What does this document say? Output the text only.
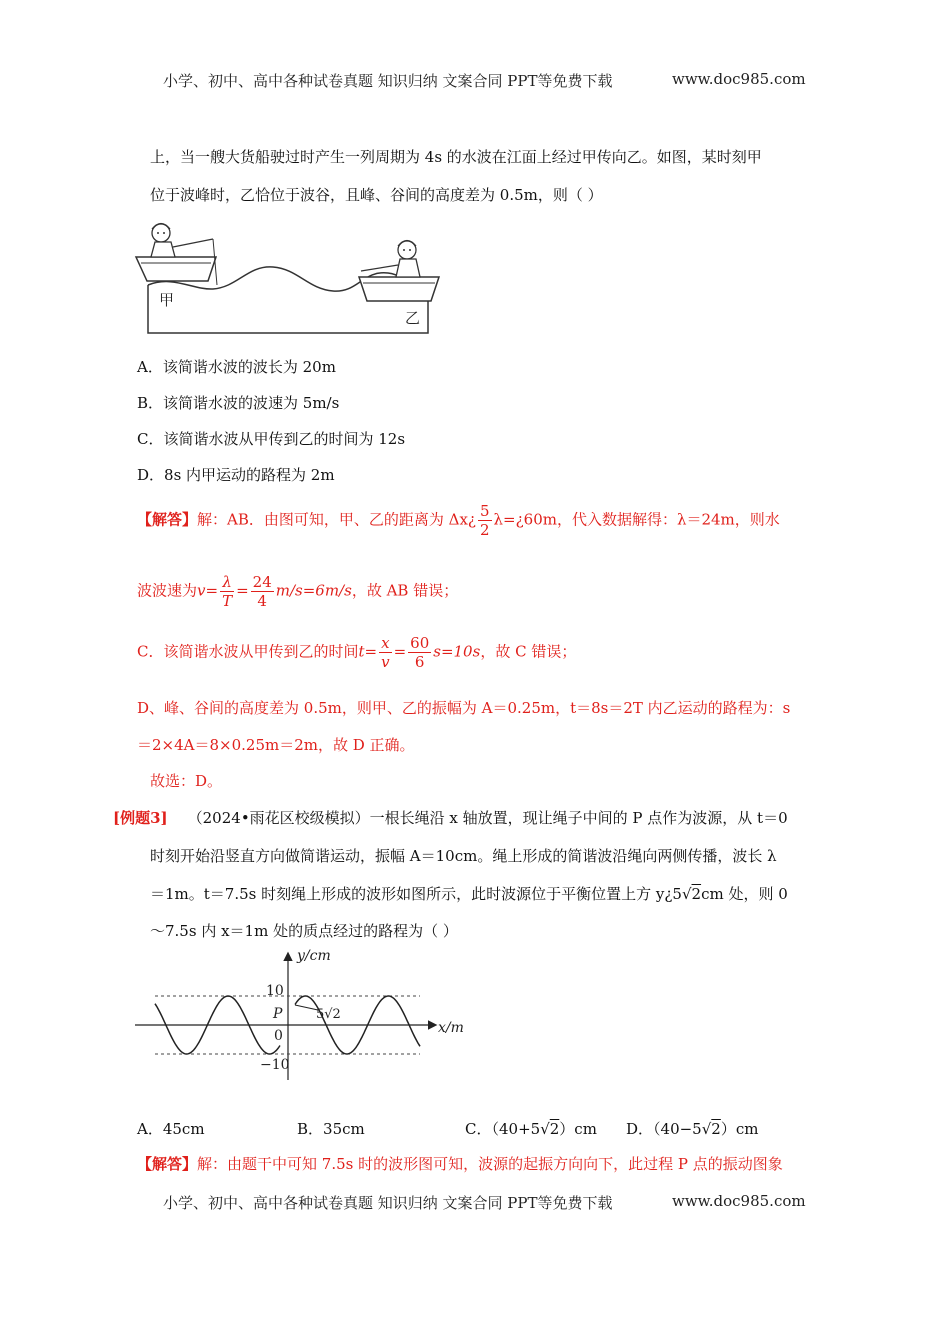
小学、初中、高中各种试卷真题 知识归纳 文案合同 PPT等免费下载	www.doc985.com
上，当一艘大货船驶过时产生一列周期为 4s 的水波在江面上经过甲传向乙。如图，某时刻甲
位于波峰时，乙恰位于波谷，且峰、谷间的高度差为 0.5m，则（ ）
甲
乙
A．该简谐水波的波长为 20m
B．该简谐水波的波速为 5m/s
C．该简谐水波从甲传到乙的时间为 12s
D．8s 内甲运动的路程为 2m
【解答】解：AB．由图可知，甲、乙的距离为 Δx¿ $\frac{5}{2}$ λ=¿60m，代入数据解得：λ＝24m，则水
波波速为$v= \frac{\lambda}{T} = \frac{24}{4} m/s=6m/s$，故 AB 错误；
C．该简谐水波从甲传到乙的时间$t= \frac{x}{v} = \frac{60}{6} s=10s$，故 C 错误；
D、峰、谷间的高度差为 0.5m，则甲、乙的振幅为 A＝0.25m，t＝8s＝2T 内乙运动的路程为：s
＝2×4A＝8×0.25m＝2m，故 D 正确。
故选：D。
[例题3] （2024•雨花区校级模拟）一根长绳沿 x 轴放置，现让绳子中间的 P 点作为波源，从 t＝0
时刻开始沿竖直方向做简谐运动，振幅 A＝10cm。绳上形成的简谐波沿绳向两侧传播，波长 λ
＝1m。t＝7.5s 时刻绳上形成的波形如图所示，此时波源位于平衡位置上方 y¿5√2cm 处，则 0
～7.5s 内 x＝1m 处的质点经过的路程为（ ）
y/cm
x/m
10
0
−10
P	5√2
A．45cm	B．35cm	C．（40+5√2）cm D．（40−5√2）cm
【解答】解：由题干中可知 7.5s 时的波形图可知，波源的起振方向向下，此过程 P 点的振动图象
小学、初中、高中各种试卷真题 知识归纳 文案合同 PPT等免费下载	www.doc985.com
